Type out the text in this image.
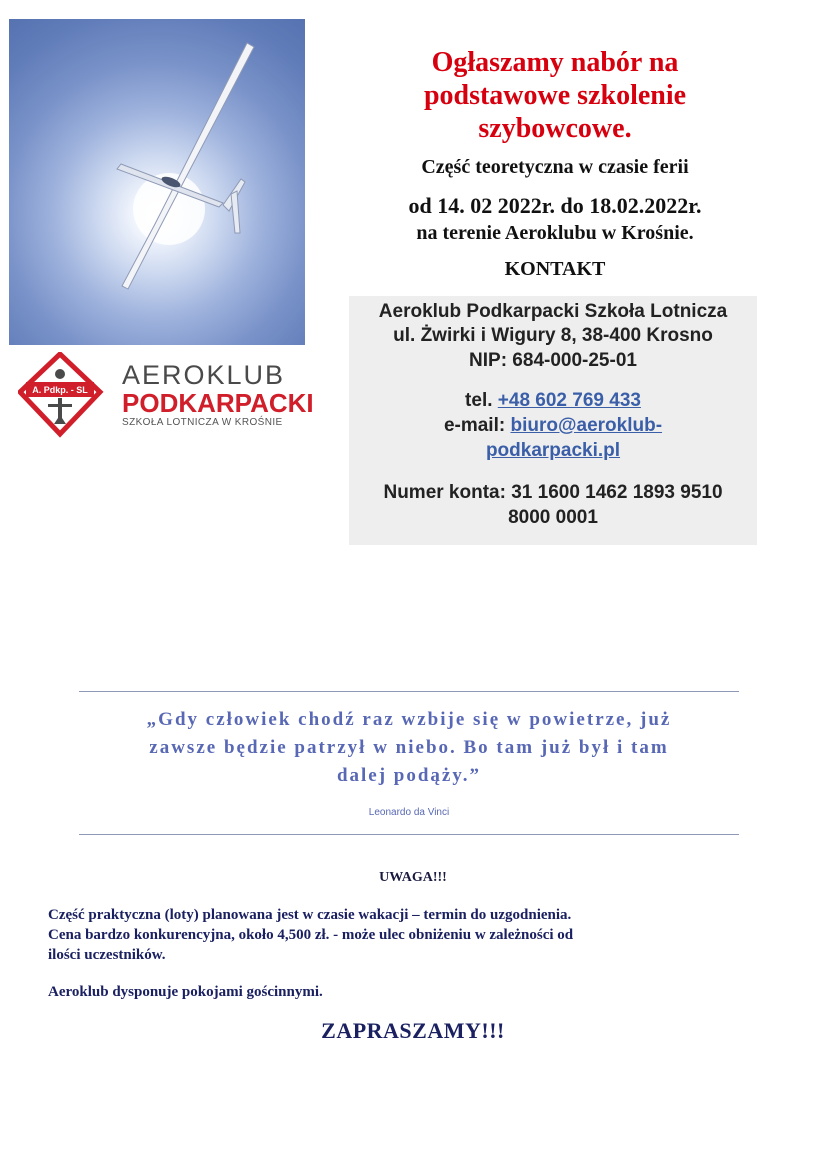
A. Pdkp. - SL AEROKLUB
PODKARPACKI
SZKOŁA LOTNICZA W KROŚNIE
Ogłaszamy nabór na
podstawowe szkolenie
szybowcowe.
Część teoretyczna w czasie ferii
od 14. 02 2022r. do 18.02.2022r.
na terenie Aeroklubu w Krośnie.
KONTAKT
Aeroklub Podkarpacki Szkoła Lotnicza
ul. Żwirki i Wigury 8, 38-400 Krosno
NIP: 684-000-25-01
tel. +48 602 769 433
e-mail: biuro@aeroklub-
podkarpacki.pl
Numer konta: 31 1600 1462 1893 9510
8000 0001
„Gdy człowiek chodź raz wzbije się w powietrze, już
zawsze będzie patrzył w niebo. Bo tam już był i tam
dalej podąży.”
Leonardo da Vinci
UWAGA!!!
Część praktyczna (loty) planowana jest w czasie wakacji – termin do uzgodnienia.
Cena bardzo konkurencyjna, około 4,500 zł. - może ulec obniżeniu w zależności od
ilości uczestników.
Aeroklub dysponuje pokojami gościnnymi.
ZAPRASZAMY!!!
